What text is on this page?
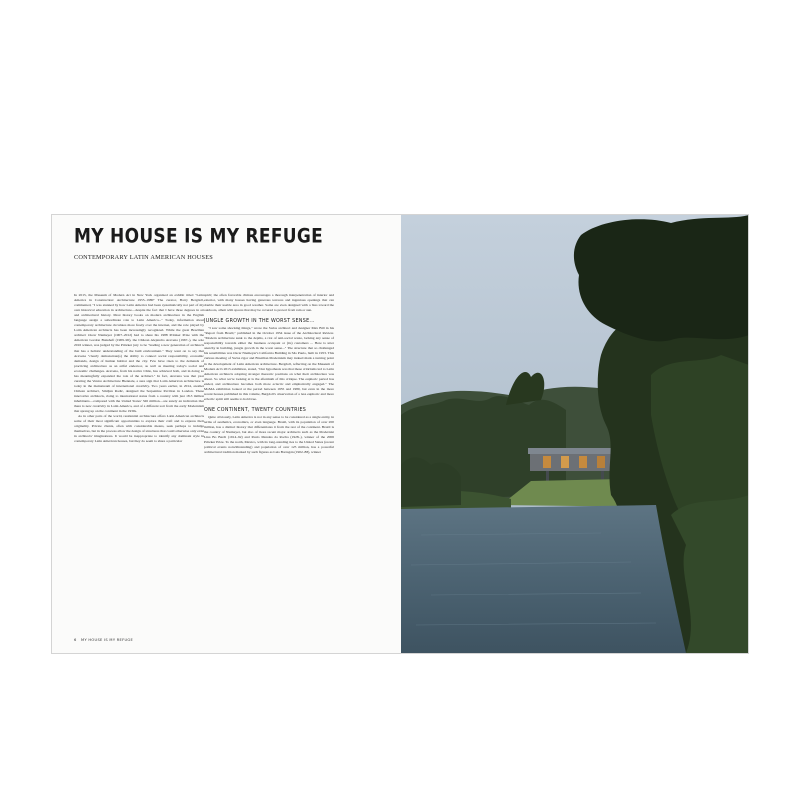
MY HOUSE IS MY REFUGE
CONTEMPORARY LATIN AMERICAN HOUSES

In 2015, the Museum of Modern Art in New York organized an exhibit titled "Latin America in Construction: Architecture 1955–1980" The curator, Barry Bergdoll, commented, "I was stunned by how Latin America had been systematically not part of my own historical education in architecture—despite the fact that I have three degrees in art and architectural history. Most history books on modern architecture in the English language assign a subordinate role to Latin America..." Today, information about contemporary architecture circulates more freely over the internet, and the role played by Latin American architects has been increasingly recognized. While the great Brazilian architect Oscar Niemeyer (1907–2012) had to share his 1988 Pritzker Prize with the American Gordon Bunshaft (1909–90), the Chilean Alejandro Aravena (1967–), the sole 2016 winner, was judged by the Pritzker jury to be "leading a new generation of architects that has a holistic understanding of the built environment." They went on to say that Aravena "clearly demonstrate(s) the ability to connect social responsibility, economic demands, design of human habitat and the city. Few have risen to the demands of practicing architecture as an artful endeavor, as well as meeting today's social and economic challenges. Aravena, from his native Chile, has achieved both, and in doing so has meaningfully expanded the role of the architect." In fact, Aravena was that year curating the Venice Architecture Biennale, a sure sign that Latin American architecture is today in the mainstream of international creativity. Two years earlier, in 2014, another Chilean architect, Smiljan Radic, designed the Serpentine Pavilion in London. These innovative architects, rising to international status from a country with just 18.3 million inhabitants—compared with the United States' 326 million—are surely an indication that there is new creativity in Latin America, and of a different sort from the early Modernism that sprang up on the continent in the 1930s.

As in other parts of the world, residential architecture offers Latin American architects some of their most significant opportunities to explore their craft and to express their originality. Private clients, often with considerable means, seek perhaps to indulge themselves, but in the process allow the design of structures that could otherwise only exist in architects' imaginations. It would be inappropriate to identify any dominant style in contemporary Latin American houses, but they do seem to share a particular

spirit; the often favorable climate encourages a thorough interpenetration of interior and exterior, with many houses having generous terraces and ingenious openings that can double their usable area in good weather. Some are even designed with a bias toward the outdoors, albeit with spaces that may be covered to protect from rain or sun.

JUNGLE GROWTH IN THE WORST SENSE...

"I saw some shocking things," wrote the Swiss architect and designer Max Bill in his "Report from Brazil," published in the October 1954 issue of the Architectural Review. "Modern architecture sunk to the depths, a riot of anti-social waste, lacking any sense of responsibility towards either the business occupant or (its) customers ... Here is utter anarchy in building, jungle growth in the worst sense..." The structure that so challenged his sensibilities was Oscar Niemeyer's California Building in São Paulo, built in 1953. This curious meeting of Swiss rigor and Brazilian Modernism may indeed mark a turning point in the development of Latin American architecture. Bergdoll, reflecting on the Museum of Modern Art's 2015 exhibition, stated, "Our hypothesis was that these criticisms led to Latin American architects adopting stronger theoretic positions on what their architecture was about. So what we're looking at is the aftermath of this critique. The euphoric period has ended, and architecture becomes both more eclectic and emphatically engaged." The MoMA exhibition looked at the period between 1955 and 1980, but even in the more recent houses published in this volume, Bergdoll's observation of a less euphoric and more eclectic spirit still seems to hold true.

ONE CONTINENT, TWENTY COUNTRIES

Quite obviously, Latin America is not in any sense to be considered as a single entity, in terms of aesthetics, economics, or even language. Brazil, with its population of over 200 million, has a distinct history that differentiates it from the rest of the continent. Brazil is the country of Niemeyer, but also of more recent major architects such as the Modernist Lina Bo Bardi (1914–92) and Paulo Mendes da Rocha (1928–), winner of the 2006 Pritzker Prize. To the north, Mexico, with its long-standing ties to the United States (recent political events notwithstanding) and population of over 125 million, has a powerful architectural tradition marked by such figures as Luis Barragán (1902–88), winner

6 MY HOUSE IS MY REFUGE
